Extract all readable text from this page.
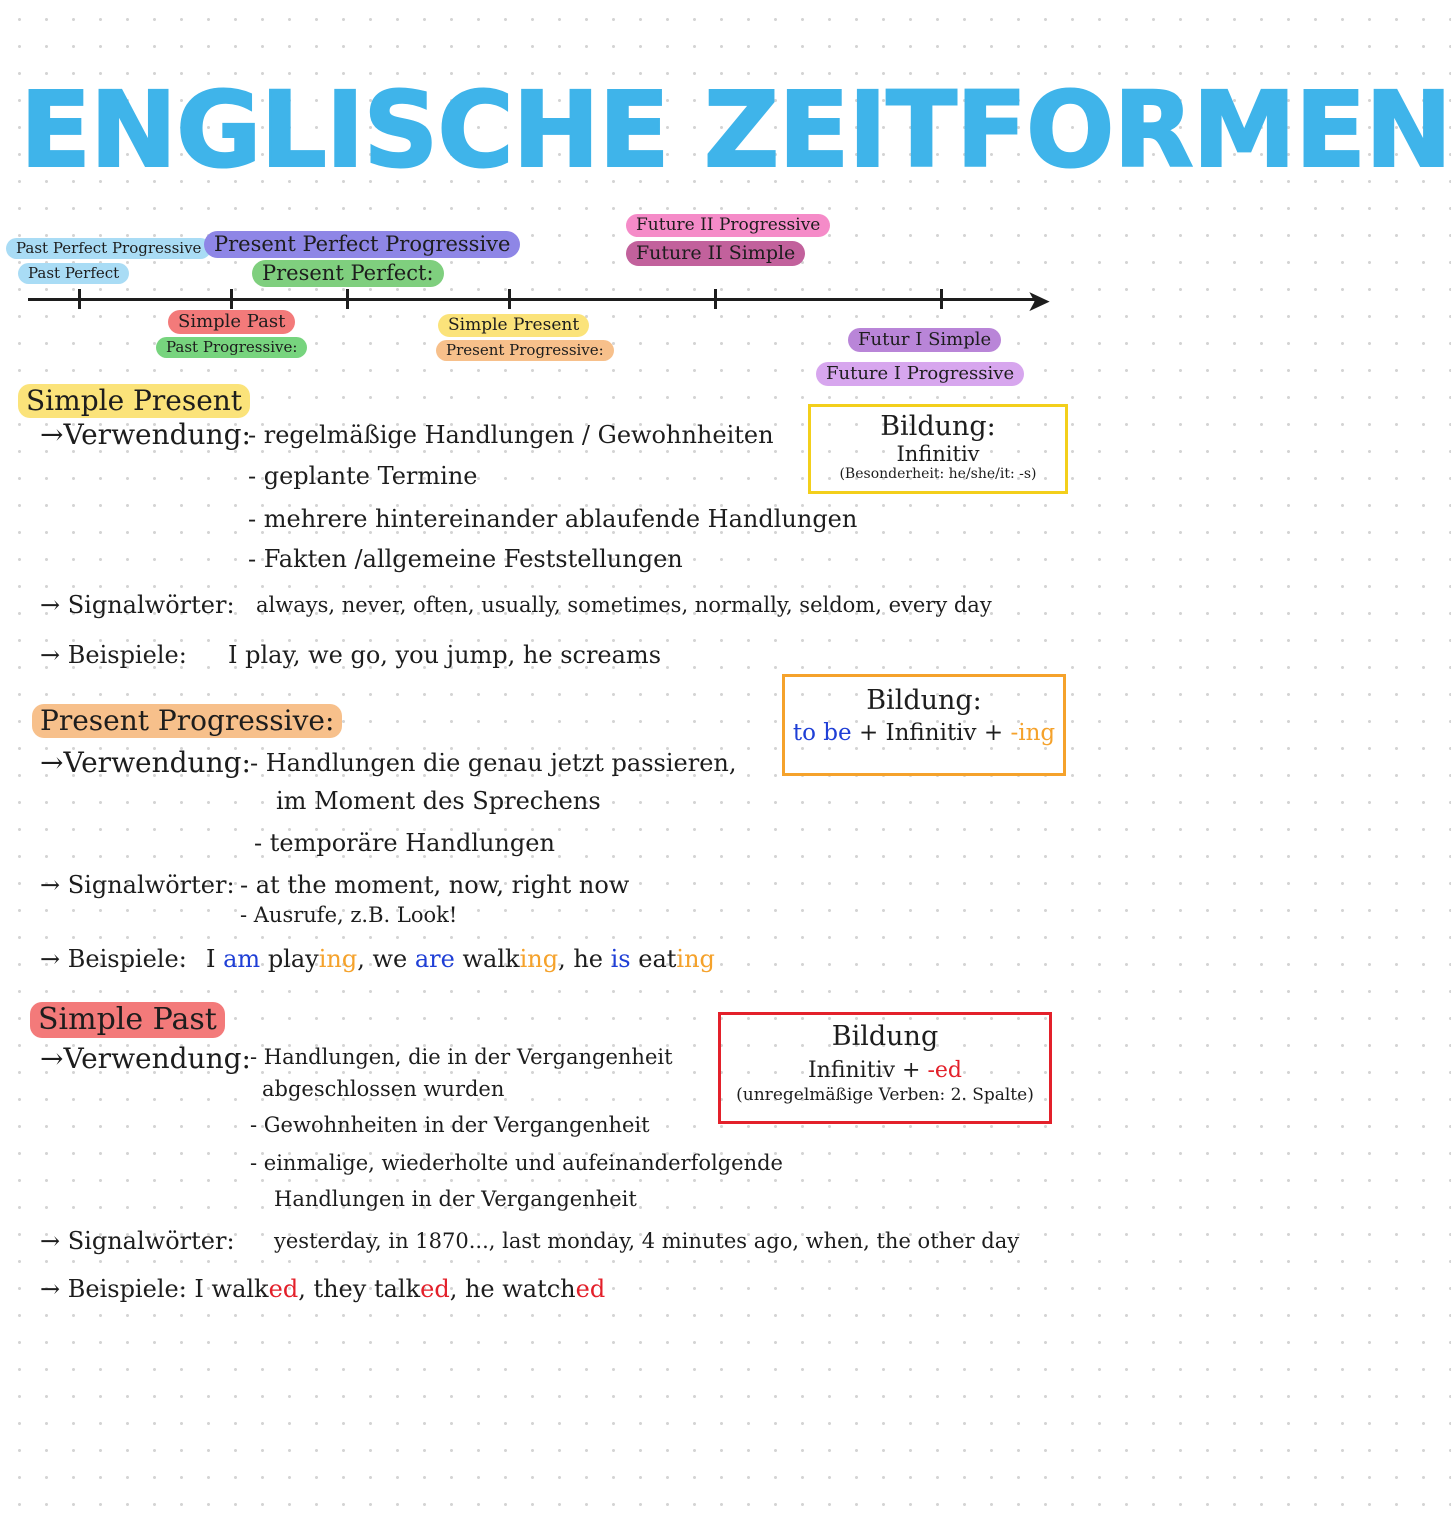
ENGLISCHE ZEITFORMEN
➤
Past Perfect Progressive
Past Perfect
Present Perfect Progressive
Present Perfect:
Future II Progressive
Future II Simple
Simple Past
Past Progressive:
Simple Present
Present Progressive:	Futur I Simple
Future I Progressive
Simple Present
→Verwendung:
- regelmäßige Handlungen / Gewohnheiten
- geplante Termine
- mehrere hintereinander ablaufende Handlungen
- Fakten /allgemeine Feststellungen
→ Signalwörter: always, never, often, usually, sometimes, normally, seldom, every day
→ Beispiele: I play, we go, you jump, he screams
Bildung:
Infinitiv
(Besonderheit: he/she/it: -s)
Present Progressive:
→Verwendung: - Handlungen die genau jetzt passieren,
im Moment des Sprechens
- temporäre Handlungen
→ Signalwörter: - at the moment, now, right now
- Ausrufe, z.B. Look!
→ Beispiele: I am playing, we are walking, he is eating
Bildung:
to be + Infinitiv + -ing
Simple Past
→Verwendung: - Handlungen, die in der Vergangenheit
abgeschlossen wurden
- Gewohnheiten in der Vergangenheit
- einmalige, wiederholte und aufeinanderfolgende
Handlungen in der Vergangenheit
→ Signalwörter: yesterday, in 1870..., last monday, 4 minutes ago, when, the other day
→ Beispiele: I walked, they talked, he watched
Bildung
Infinitiv + -ed
(unregelmäßige Verben: 2. Spalte)
